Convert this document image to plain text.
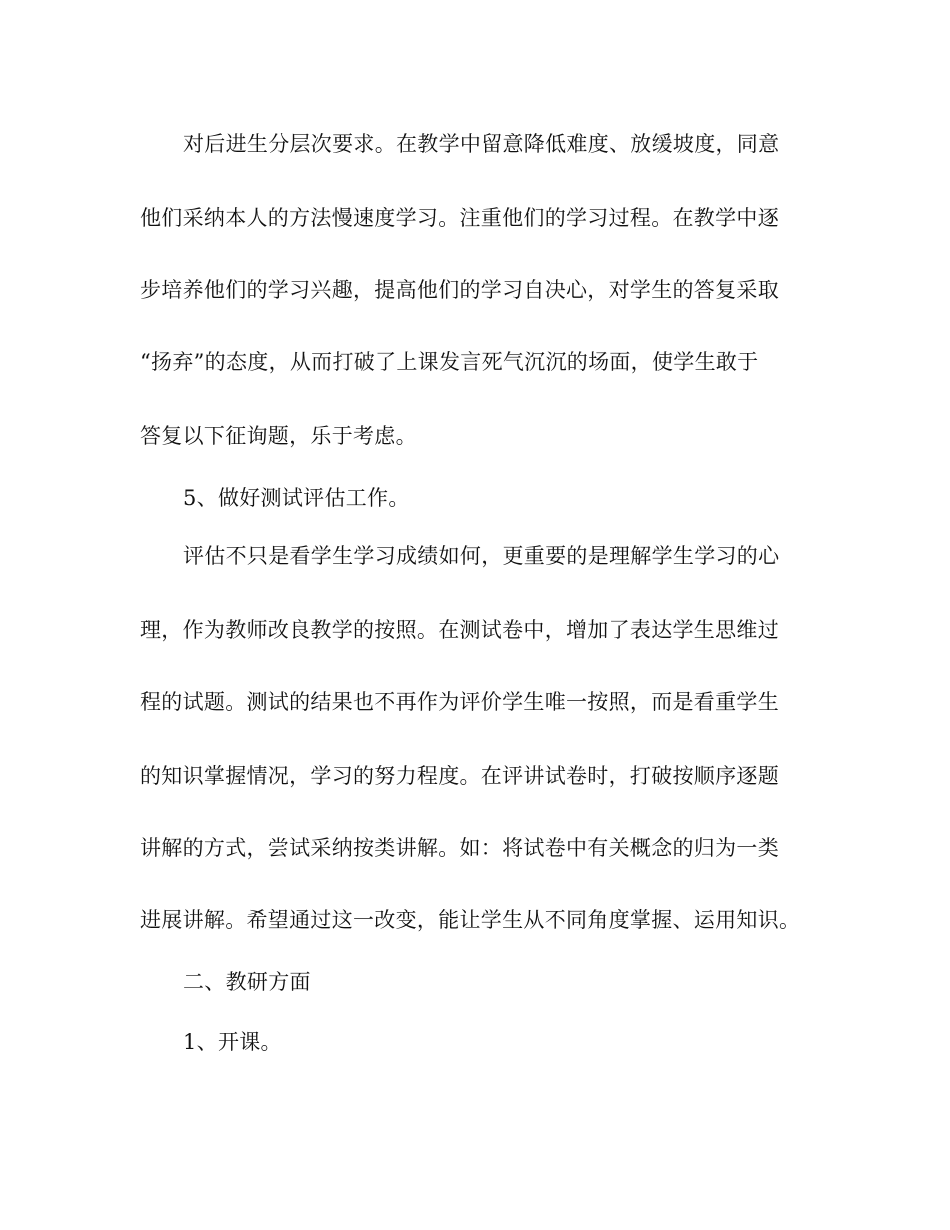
对后进生分层次要求。在教学中留意降低难度、放缓坡度，同意
他们采纳本人的方法慢速度学习。注重他们的学习过程。在教学中逐
步培养他们的学习兴趣，提高他们的学习自决心，对学生的答复采取
“扬弃”的态度，从而打破了上课发言死气沉沉的场面，使学生敢于
答复以下征询题，乐于考虑。
5、做好测试评估工作。
评估不只是看学生学习成绩如何，更重要的是理解学生学习的心
理，作为教师改良教学的按照。在测试卷中，增加了表达学生思维过
程的试题。测试的结果也不再作为评价学生唯一按照，而是看重学生
的知识掌握情况，学习的努力程度。在评讲试卷时，打破按顺序逐题
讲解的方式，尝试采纳按类讲解。如：将试卷中有关概念的归为一类
进展讲解。希望通过这一改变，能让学生从不同角度掌握、运用知识。
二、教研方面
1、开课。
